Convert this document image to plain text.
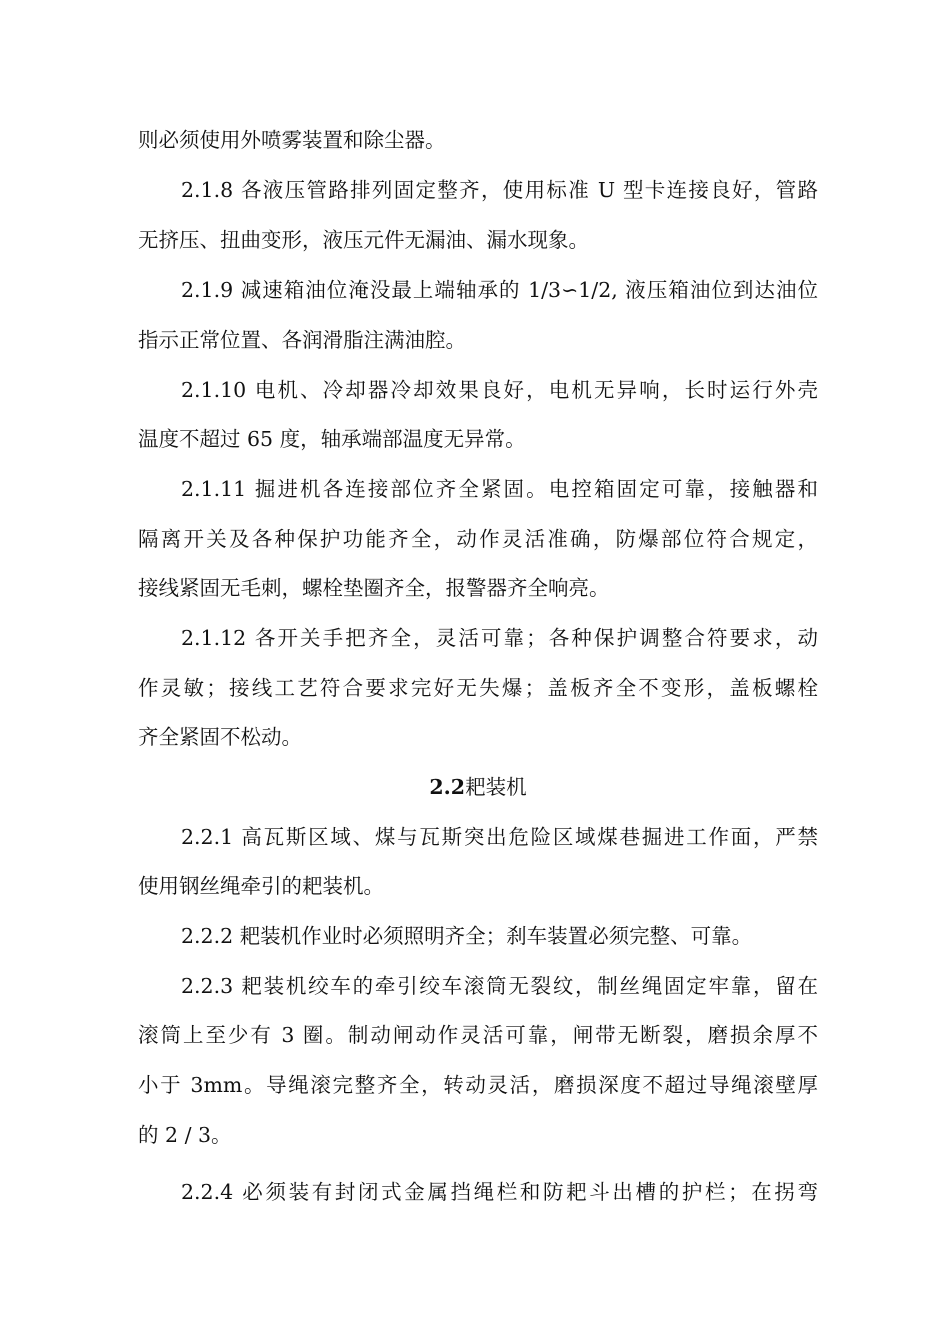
则必须使用外喷雾装置和除尘器。
2.1.8 各液压管路排列固定整齐，使用标准 U 型卡连接良好，管路
无挤压、扭曲变形，液压元件无漏油、漏水现象。
2.1.9 减速箱油位淹没最上端轴承的 1/3∽1/2, 液压箱油位到达油位
指示正常位置、各润滑脂注满油腔。
2.1.10 电机、冷却器冷却效果良好，电机无异响，长时运行外壳
温度不超过 65 度，轴承端部温度无异常。
2.1.11 掘进机各连接部位齐全紧固。电控箱固定可靠，接触器和
隔离开关及各种保护功能齐全，动作灵活准确，防爆部位符合规定，
接线紧固无毛刺，螺栓垫圈齐全，报警器齐全响亮。
2.1.12 各开关手把齐全，灵活可靠；各种保护调整合符要求，动
作灵敏；接线工艺符合要求完好无失爆；盖板齐全不变形，盖板螺栓
齐全紧固不松动。
2.2耙装机
2.2.1 高瓦斯区域、煤与瓦斯突出危险区域煤巷掘进工作面，严禁
使用钢丝绳牵引的耙装机。
2.2.2 耙装机作业时必须照明齐全；刹车装置必须完整、可靠。
2.2.3 耙装机绞车的牵引绞车滚筒无裂纹，制丝绳固定牢靠，留在
滚筒上至少有 3 圈。制动闸动作灵活可靠，闸带无断裂，磨损余厚不
小于 3mm。导绳滚完整齐全，转动灵活，磨损深度不超过导绳滚壁厚
的 2 / 3。
2.2.4 必须装有封闭式金属挡绳栏和防耙斗出槽的护栏；在拐弯
